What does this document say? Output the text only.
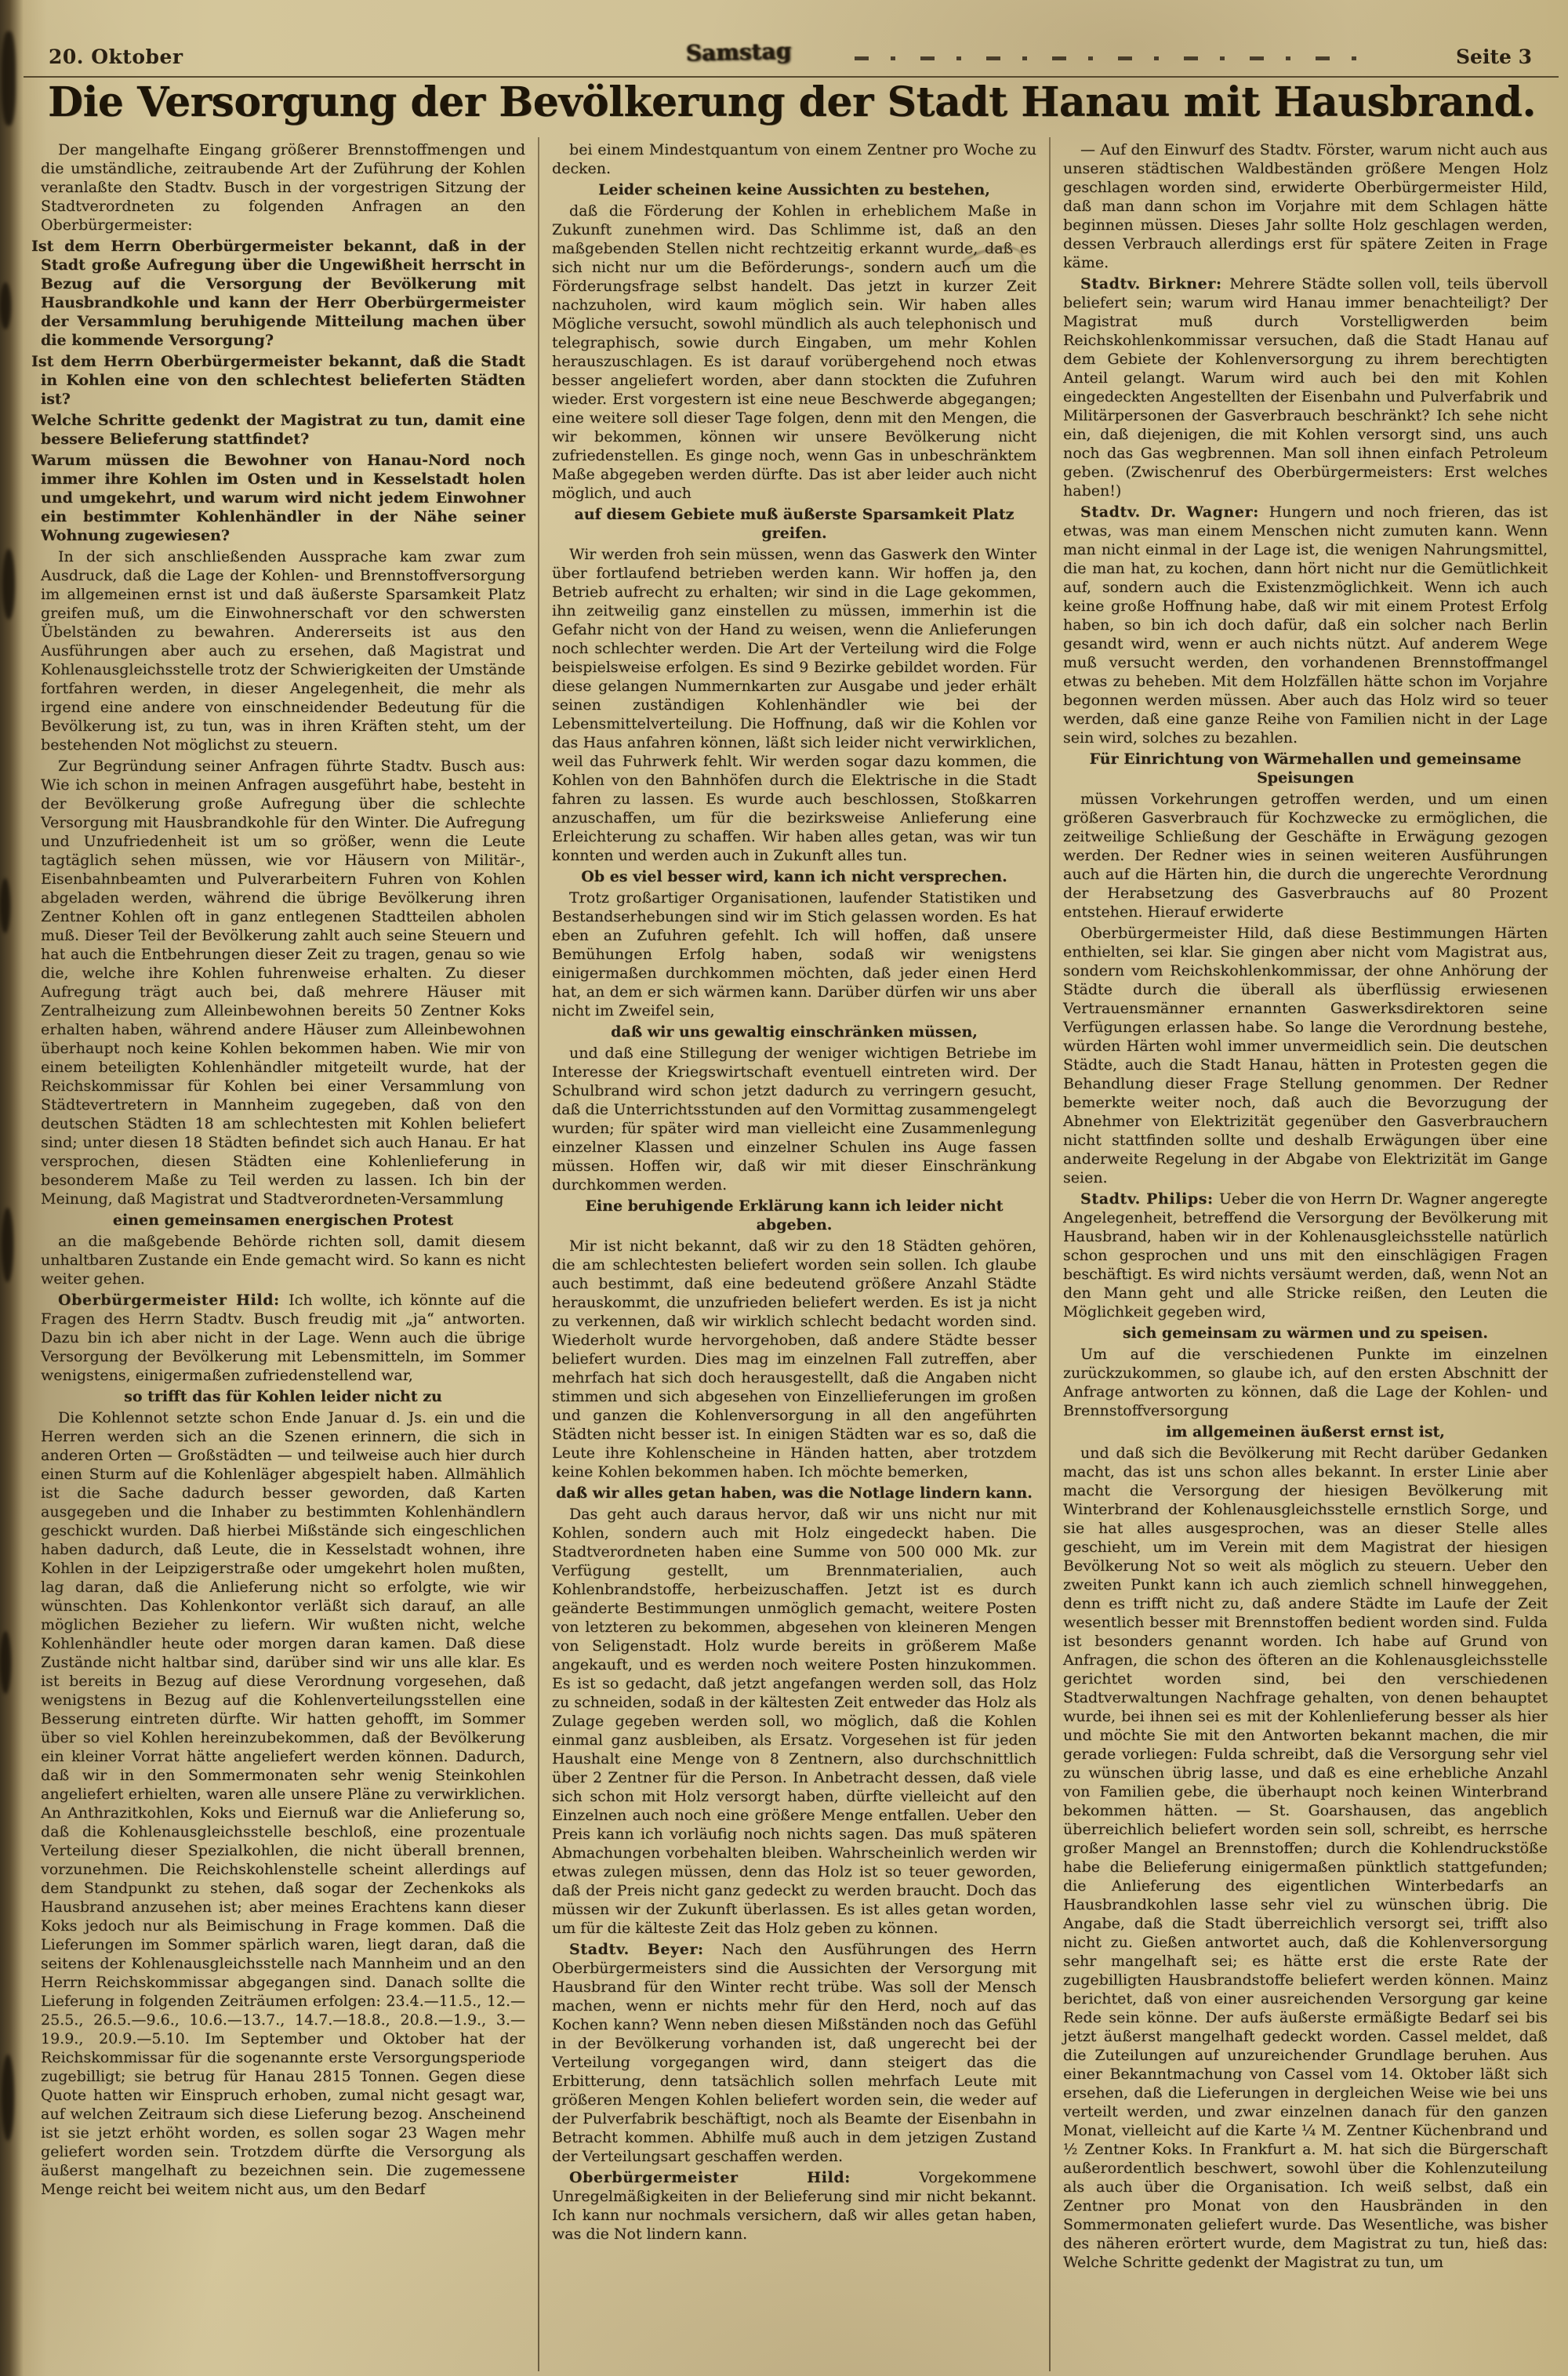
20. Oktober	Samstag	Seite 3
Die Versorgung der Bevölkerung der Stadt Hanau mit Hausbrand.

Der mangelhafte Eingang größerer Brennstoffmengen und die umständliche, zeitraubende Art der Zuführung der Kohlen veranlaßte den Stadtv. Busch in der vorgestrigen Sitzung der Stadtverordneten zu folgenden Anfragen an den Oberbürgermeister:

Ist dem Herrn Oberbürgermeister bekannt, daß in der Stadt große Aufregung über die Ungewißheit herrscht in Bezug auf die Versorgung der Bevölkerung mit Hausbrandkohle und kann der Herr Oberbürgermeister der Versammlung beruhigende Mitteilung machen über die kommende Versorgung?

Ist dem Herrn Oberbürgermeister bekannt, daß die Stadt in Kohlen eine von den schlechtest belieferten Städten ist?

Welche Schritte gedenkt der Magistrat zu tun, damit eine bessere Belieferung stattfindet?

Warum müssen die Bewohner von Hanau-Nord noch immer ihre Kohlen im Osten und in Kesselstadt holen und umgekehrt, und warum wird nicht jedem Einwohner ein bestimmter Kohlenhändler in der Nähe seiner Wohnung zugewiesen?

In der sich anschließenden Aussprache kam zwar zum Ausdruck, daß die Lage der Kohlen- und Brennstoffversorgung im allgemeinen ernst ist und daß äußerste Sparsamkeit Platz greifen muß, um die Einwohnerschaft vor den schwersten Übelständen zu bewahren. Andererseits ist aus den Ausführungen aber auch zu ersehen, daß Magistrat und Kohlenausgleichsstelle trotz der Schwierigkeiten der Umstände fortfahren werden, in dieser Angelegenheit, die mehr als irgend eine andere von einschneidender Bedeutung für die Bevölkerung ist, zu tun, was in ihren Kräften steht, um der bestehenden Not möglichst zu steuern.

Zur Begründung seiner Anfragen führte Stadtv. Busch aus: Wie ich schon in meinen Anfragen ausgeführt habe, besteht in der Bevölkerung große Aufregung über die schlechte Versorgung mit Hausbrandkohle für den Winter. Die Aufregung und Unzufriedenheit ist um so größer, wenn die Leute tagtäglich sehen müssen, wie vor Häusern von Militär-, Eisenbahnbeamten und Pulverarbeitern Fuhren von Kohlen abgeladen werden, während die übrige Bevölkerung ihren Zentner Kohlen oft in ganz entlegenen Stadtteilen abholen muß. Dieser Teil der Bevölkerung zahlt auch seine Steuern und hat auch die Entbehrungen dieser Zeit zu tragen, genau so wie die, welche ihre Kohlen fuhrenweise erhalten. Zu dieser Aufregung trägt auch bei, daß mehrere Häuser mit Zentralheizung zum Alleinbewohnen bereits 50 Zentner Koks erhalten haben, während andere Häuser zum Alleinbewohnen überhaupt noch keine Kohlen bekommen haben. Wie mir von einem beteiligten Kohlenhändler mitgeteilt wurde, hat der Reichskommissar für Kohlen bei einer Versammlung von Städtevertretern in Mannheim zugegeben, daß von den deutschen Städten 18 am schlechtesten mit Kohlen beliefert sind; unter diesen 18 Städten befindet sich auch Hanau. Er hat versprochen, diesen Städten eine Kohlenlieferung in besonderem Maße zu Teil werden zu lassen. Ich bin der Meinung, daß Magistrat und Stadtverordneten-Versammlung

einen gemeinsamen energischen Protest

an die maßgebende Behörde richten soll, damit diesem unhaltbaren Zustande ein Ende gemacht wird. So kann es nicht weiter gehen.

Oberbürgermeister Hild: Ich wollte, ich könnte auf die Fragen des Herrn Stadtv. Busch freudig mit „ja“ antworten. Dazu bin ich aber nicht in der Lage. Wenn auch die übrige Versorgung der Bevölkerung mit Lebensmitteln, im Sommer wenigstens, einigermaßen zufriedenstellend war,

so trifft das für Kohlen leider nicht zu

Die Kohlennot setzte schon Ende Januar d. Js. ein und die Herren werden sich an die Szenen erinnern, die sich in anderen Orten — Großstädten — und teilweise auch hier durch einen Sturm auf die Kohlenläger abgespielt haben. Allmählich ist die Sache dadurch besser geworden, daß Karten ausgegeben und die Inhaber zu bestimmten Kohlenhändlern geschickt wurden. Daß hierbei Mißstände sich eingeschlichen haben dadurch, daß Leute, die in Kesselstadt wohnen, ihre Kohlen in der Leipzigerstraße oder umgekehrt holen mußten, lag daran, daß die Anlieferung nicht so erfolgte, wie wir wünschten. Das Kohlenkontor verläßt sich darauf, an alle möglichen Bezieher zu liefern. Wir wußten nicht, welche Kohlenhändler heute oder morgen daran kamen. Daß diese Zustände nicht haltbar sind, darüber sind wir uns alle klar. Es ist bereits in Bezug auf diese Verordnung vorgesehen, daß wenigstens in Bezug auf die Kohlenverteilungsstellen eine Besserung eintreten dürfte. Wir hatten gehofft, im Sommer über so viel Kohlen hereinzubekommen, daß der Bevölkerung ein kleiner Vorrat hätte angeliefert werden können. Dadurch, daß wir in den Sommermonaten sehr wenig Steinkohlen angeliefert erhielten, waren alle unsere Pläne zu verwirklichen. An Anthrazitkohlen, Koks und Eiernuß war die Anlieferung so, daß die Kohlenausgleichsstelle beschloß, eine prozentuale Verteilung dieser Spezialkohlen, die nicht überall brennen, vorzunehmen. Die Reichskohlenstelle scheint allerdings auf dem Standpunkt zu stehen, daß sogar der Zechenkoks als Hausbrand anzusehen ist; aber meines Erachtens kann dieser Koks jedoch nur als Beimischung in Frage kommen. Daß die Lieferungen im Sommer spärlich waren, liegt daran, daß die seitens der Kohlenausgleichsstelle nach Mannheim und an den Herrn Reichskommissar abgegangen sind. Danach sollte die Lieferung in folgenden Zeiträumen erfolgen: 23.4.—11.5., 12.—25.5., 26.5.—9.6., 10.6.—13.7., 14.7.—18.8., 20.8.—1.9., 3.—19.9., 20.9.—5.10. Im September und Oktober hat der Reichskommissar für die sogenannte erste Versorgungsperiode zugebilligt; sie betrug für Hanau 2815 Tonnen. Gegen diese Quote hatten wir Einspruch erhoben, zumal nicht gesagt war, auf welchen Zeitraum sich diese Lieferung bezog. Anscheinend ist sie jetzt erhöht worden, es sollen sogar 23 Wagen mehr geliefert worden sein. Trotzdem dürfte die Versorgung als äußerst mangelhaft zu bezeichnen sein. Die zugemessene Menge reicht bei weitem nicht aus, um den Bedarf

bei einem Mindestquantum von einem Zentner pro Woche zu decken.

Leider scheinen keine Aussichten zu bestehen,

daß die Förderung der Kohlen in erheblichem Maße in Zukunft zunehmen wird. Das Schlimme ist, daß an den maßgebenden Stellen nicht rechtzeitig erkannt wurde, daß es sich nicht nur um die Beförderungs-, sondern auch um die Förderungsfrage selbst handelt. Das jetzt in kurzer Zeit nachzuholen, wird kaum möglich sein. Wir haben alles Mögliche versucht, sowohl mündlich als auch telephonisch und telegraphisch, sowie durch Eingaben, um mehr Kohlen herauszuschlagen. Es ist darauf vorübergehend noch etwas besser angeliefert worden, aber dann stockten die Zufuhren wieder. Erst vorgestern ist eine neue Beschwerde abgegangen; eine weitere soll dieser Tage folgen, denn mit den Mengen, die wir bekommen, können wir unsere Bevölkerung nicht zufriedenstellen. Es ginge noch, wenn Gas in unbeschränktem Maße abgegeben werden dürfte. Das ist aber leider auch nicht möglich, und auch

auf diesem Gebiete muß äußerste Sparsamkeit Platz greifen.

Wir werden froh sein müssen, wenn das Gaswerk den Winter über fortlaufend betrieben werden kann. Wir hoffen ja, den Betrieb aufrecht zu erhalten; wir sind in die Lage gekommen, ihn zeitweilig ganz einstellen zu müssen, immerhin ist die Gefahr nicht von der Hand zu weisen, wenn die Anlieferungen noch schlechter werden. Die Art der Verteilung wird die Folge beispielsweise erfolgen. Es sind 9 Bezirke gebildet worden. Für diese gelangen Nummernkarten zur Ausgabe und jeder erhält seinen zuständigen Kohlenhändler wie bei der Lebensmittelverteilung. Die Hoffnung, daß wir die Kohlen vor das Haus anfahren können, läßt sich leider nicht verwirklichen, weil das Fuhrwerk fehlt. Wir werden sogar dazu kommen, die Kohlen von den Bahnhöfen durch die Elektrische in die Stadt fahren zu lassen. Es wurde auch beschlossen, Stoßkarren anzuschaffen, um für die bezirksweise Anlieferung eine Erleichterung zu schaffen. Wir haben alles getan, was wir tun konnten und werden auch in Zukunft alles tun.

Ob es viel besser wird, kann ich nicht versprechen.

Trotz großartiger Organisationen, laufender Statistiken und Bestandserhebungen sind wir im Stich gelassen worden. Es hat eben an Zufuhren gefehlt. Ich will hoffen, daß unsere Bemühungen Erfolg haben, sodaß wir wenigstens einigermaßen durchkommen möchten, daß jeder einen Herd hat, an dem er sich wärmen kann. Darüber dürfen wir uns aber nicht im Zweifel sein,

daß wir uns gewaltig einschränken müssen,

und daß eine Stillegung der weniger wichtigen Betriebe im Interesse der Kriegswirtschaft eventuell eintreten wird. Der Schulbrand wird schon jetzt dadurch zu verringern gesucht, daß die Unterrichtsstunden auf den Vormittag zusammengelegt wurden; für später wird man vielleicht eine Zusammenlegung einzelner Klassen und einzelner Schulen ins Auge fassen müssen. Hoffen wir, daß wir mit dieser Einschränkung durchkommen werden.

Eine beruhigende Erklärung kann ich leider nicht abgeben.

Mir ist nicht bekannt, daß wir zu den 18 Städten gehören, die am schlechtesten beliefert worden sein sollen. Ich glaube auch bestimmt, daß eine bedeutend größere Anzahl Städte herauskommt, die unzufrieden beliefert werden. Es ist ja nicht zu verkennen, daß wir wirklich schlecht bedacht worden sind. Wiederholt wurde hervorgehoben, daß andere Städte besser beliefert wurden. Dies mag im einzelnen Fall zutreffen, aber mehrfach hat sich doch herausgestellt, daß die Angaben nicht stimmen und sich abgesehen von Einzellieferungen im großen und ganzen die Kohlenversorgung in all den angeführten Städten nicht besser ist. In einigen Städten war es so, daß die Leute ihre Kohlenscheine in Händen hatten, aber trotzdem keine Kohlen bekommen haben. Ich möchte bemerken,

daß wir alles getan haben, was die Notlage lindern kann.

Das geht auch daraus hervor, daß wir uns nicht nur mit Kohlen, sondern auch mit Holz eingedeckt haben. Die Stadtverordneten haben eine Summe von 500 000 Mk. zur Verfügung gestellt, um Brennmaterialien, auch Kohlenbrandstoffe, herbeizuschaffen. Jetzt ist es durch geänderte Bestimmungen unmöglich gemacht, weitere Posten von letzteren zu bekommen, abgesehen von kleineren Mengen von Seligenstadt. Holz wurde bereits in größerem Maße angekauft, und es werden noch weitere Posten hinzukommen. Es ist so gedacht, daß jetzt angefangen werden soll, das Holz zu schneiden, sodaß in der kältesten Zeit entweder das Holz als Zulage gegeben werden soll, wo möglich, daß die Kohlen einmal ganz ausbleiben, als Ersatz. Vorgesehen ist für jeden Haushalt eine Menge von 8 Zentnern, also durchschnittlich über 2 Zentner für die Person. In Anbetracht dessen, daß viele sich schon mit Holz versorgt haben, dürfte vielleicht auf den Einzelnen auch noch eine größere Menge entfallen. Ueber den Preis kann ich vorläufig noch nichts sagen. Das muß späteren Abmachungen vorbehalten bleiben. Wahrscheinlich werden wir etwas zulegen müssen, denn das Holz ist so teuer geworden, daß der Preis nicht ganz gedeckt zu werden braucht. Doch das müssen wir der Zukunft überlassen. Es ist alles getan worden, um für die kälteste Zeit das Holz geben zu können.

Stadtv. Beyer: Nach den Ausführungen des Herrn Oberbürgermeisters sind die Aussichten der Versorgung mit Hausbrand für den Winter recht trübe. Was soll der Mensch machen, wenn er nichts mehr für den Herd, noch auf das Kochen kann? Wenn neben diesen Mißständen noch das Gefühl in der Bevölkerung vorhanden ist, daß ungerecht bei der Verteilung vorgegangen wird, dann steigert das die Erbitterung, denn tatsächlich sollen mehrfach Leute mit größeren Mengen Kohlen beliefert worden sein, die weder auf der Pulverfabrik beschäftigt, noch als Beamte der Eisenbahn in Betracht kommen. Abhilfe muß auch in dem jetzigen Zustand der Verteilungsart geschaffen werden.

Oberbürgermeister Hild: Vorgekommene Unregelmäßigkeiten in der Belieferung sind mir nicht bekannt. Ich kann nur nochmals versichern, daß wir alles getan haben, was die Not lindern kann.

— Auf den Einwurf des Stadtv. Förster, warum nicht auch aus unseren städtischen Waldbeständen größere Mengen Holz geschlagen worden sind, erwiderte Oberbürgermeister Hild, daß man dann schon im Vorjahre mit dem Schlagen hätte beginnen müssen. Dieses Jahr sollte Holz geschlagen werden, dessen Verbrauch allerdings erst für spätere Zeiten in Frage käme.

Stadtv. Birkner: Mehrere Städte sollen voll, teils übervoll beliefert sein; warum wird Hanau immer benachteiligt? Der Magistrat muß durch Vorstelligwerden beim Reichskohlenkommissar versuchen, daß die Stadt Hanau auf dem Gebiete der Kohlenversorgung zu ihrem berechtigten Anteil gelangt. Warum wird auch bei den mit Kohlen eingedeckten Angestellten der Eisenbahn und Pulverfabrik und Militärpersonen der Gasverbrauch beschränkt? Ich sehe nicht ein, daß diejenigen, die mit Kohlen versorgt sind, uns auch noch das Gas wegbrennen. Man soll ihnen einfach Petroleum geben. (Zwischenruf des Oberbürgermeisters: Erst welches haben!)

Stadtv. Dr. Wagner: Hungern und noch frieren, das ist etwas, was man einem Menschen nicht zumuten kann. Wenn man nicht einmal in der Lage ist, die wenigen Nahrungsmittel, die man hat, zu kochen, dann hört nicht nur die Gemütlichkeit auf, sondern auch die Existenzmöglichkeit. Wenn ich auch keine große Hoffnung habe, daß wir mit einem Protest Erfolg haben, so bin ich doch dafür, daß ein solcher nach Berlin gesandt wird, wenn er auch nichts nützt. Auf anderem Wege muß versucht werden, den vorhandenen Brennstoffmangel etwas zu beheben. Mit dem Holzfällen hätte schon im Vorjahre begonnen werden müssen. Aber auch das Holz wird so teuer werden, daß eine ganze Reihe von Familien nicht in der Lage sein wird, solches zu bezahlen.

Für Einrichtung von Wärmehallen und gemeinsame Speisungen

müssen Vorkehrungen getroffen werden, und um einen größeren Gasverbrauch für Kochzwecke zu ermöglichen, die zeitweilige Schließung der Geschäfte in Erwägung gezogen werden. Der Redner wies in seinen weiteren Ausführungen auch auf die Härten hin, die durch die ungerechte Verordnung der Herabsetzung des Gasverbrauchs auf 80 Prozent entstehen. Hierauf erwiderte

Oberbürgermeister Hild, daß diese Bestimmungen Härten enthielten, sei klar. Sie gingen aber nicht vom Magistrat aus, sondern vom Reichskohlenkommissar, der ohne Anhörung der Städte durch die überall als überflüssig erwiesenen Vertrauensmänner ernannten Gaswerksdirektoren seine Verfügungen erlassen habe. So lange die Verordnung bestehe, würden Härten wohl immer unvermeidlich sein. Die deutschen Städte, auch die Stadt Hanau, hätten in Protesten gegen die Behandlung dieser Frage Stellung genommen. Der Redner bemerkte weiter noch, daß auch die Bevorzugung der Abnehmer von Elektrizität gegenüber den Gasverbrauchern nicht stattfinden sollte und deshalb Erwägungen über eine anderweite Regelung in der Abgabe von Elektrizität im Gange seien.

Stadtv. Philips: Ueber die von Herrn Dr. Wagner angeregte Angelegenheit, betreffend die Versorgung der Bevölkerung mit Hausbrand, haben wir in der Kohlenausgleichsstelle natürlich schon gesprochen und uns mit den einschlägigen Fragen beschäftigt. Es wird nichts versäumt werden, daß, wenn Not an den Mann geht und alle Stricke reißen, den Leuten die Möglichkeit gegeben wird,

sich gemeinsam zu wärmen und zu speisen.

Um auf die verschiedenen Punkte im einzelnen zurückzukommen, so glaube ich, auf den ersten Abschnitt der Anfrage antworten zu können, daß die Lage der Kohlen- und Brennstoffversorgung

im allgemeinen äußerst ernst ist,

und daß sich die Bevölkerung mit Recht darüber Gedanken macht, das ist uns schon alles bekannt. In erster Linie aber macht die Versorgung der hiesigen Bevölkerung mit Winterbrand der Kohlenausgleichsstelle ernstlich Sorge, und sie hat alles ausgesprochen, was an dieser Stelle alles geschieht, um im Verein mit dem Magistrat der hiesigen Bevölkerung Not so weit als möglich zu steuern. Ueber den zweiten Punkt kann ich auch ziemlich schnell hinweggehen, denn es trifft nicht zu, daß andere Städte im Laufe der Zeit wesentlich besser mit Brennstoffen bedient worden sind. Fulda ist besonders genannt worden. Ich habe auf Grund von Anfragen, die schon des öfteren an die Kohlenausgleichsstelle gerichtet worden sind, bei den verschiedenen Stadtverwaltungen Nachfrage gehalten, von denen behauptet wurde, bei ihnen sei es mit der Kohlenlieferung besser als hier und möchte Sie mit den Antworten bekannt machen, die mir gerade vorliegen: Fulda schreibt, daß die Versorgung sehr viel zu wünschen übrig lasse, und daß es eine erhebliche Anzahl von Familien gebe, die überhaupt noch keinen Winterbrand bekommen hätten. — St. Goarshausen, das angeblich überreichlich beliefert worden sein soll, schreibt, es herrsche großer Mangel an Brennstoffen; durch die Kohlendruckstöße habe die Belieferung einigermaßen pünktlich stattgefunden; die Anlieferung des eigentlichen Winterbedarfs an Hausbrandkohlen lasse sehr viel zu wünschen übrig. Die Angabe, daß die Stadt überreichlich versorgt sei, trifft also nicht zu. Gießen antwortet auch, daß die Kohlenversorgung sehr mangelhaft sei; es hätte erst die erste Rate der zugebilligten Hausbrandstoffe beliefert werden können. Mainz berichtet, daß von einer ausreichenden Versorgung gar keine Rede sein könne. Der aufs äußerste ermäßigte Bedarf sei bis jetzt äußerst mangelhaft gedeckt worden. Cassel meldet, daß die Zuteilungen auf unzureichender Grundlage beruhen. Aus einer Bekanntmachung von Cassel vom 14. Oktober läßt sich ersehen, daß die Lieferungen in dergleichen Weise wie bei uns verteilt werden, und zwar einzelnen danach für den ganzen Monat, vielleicht auf die Karte ¼ M. Zentner Küchenbrand und ½ Zentner Koks. In Frankfurt a. M. hat sich die Bürgerschaft außerordentlich beschwert, sowohl über die Kohlenzuteilung als auch über die Organisation. Ich weiß selbst, daß ein Zentner pro Monat von den Hausbränden in den Sommermonaten geliefert wurde. Das Wesentliche, was bisher des näheren erörtert wurde, dem Magistrat zu tun, hieß das: Welche Schritte gedenkt der Magistrat zu tun, um
